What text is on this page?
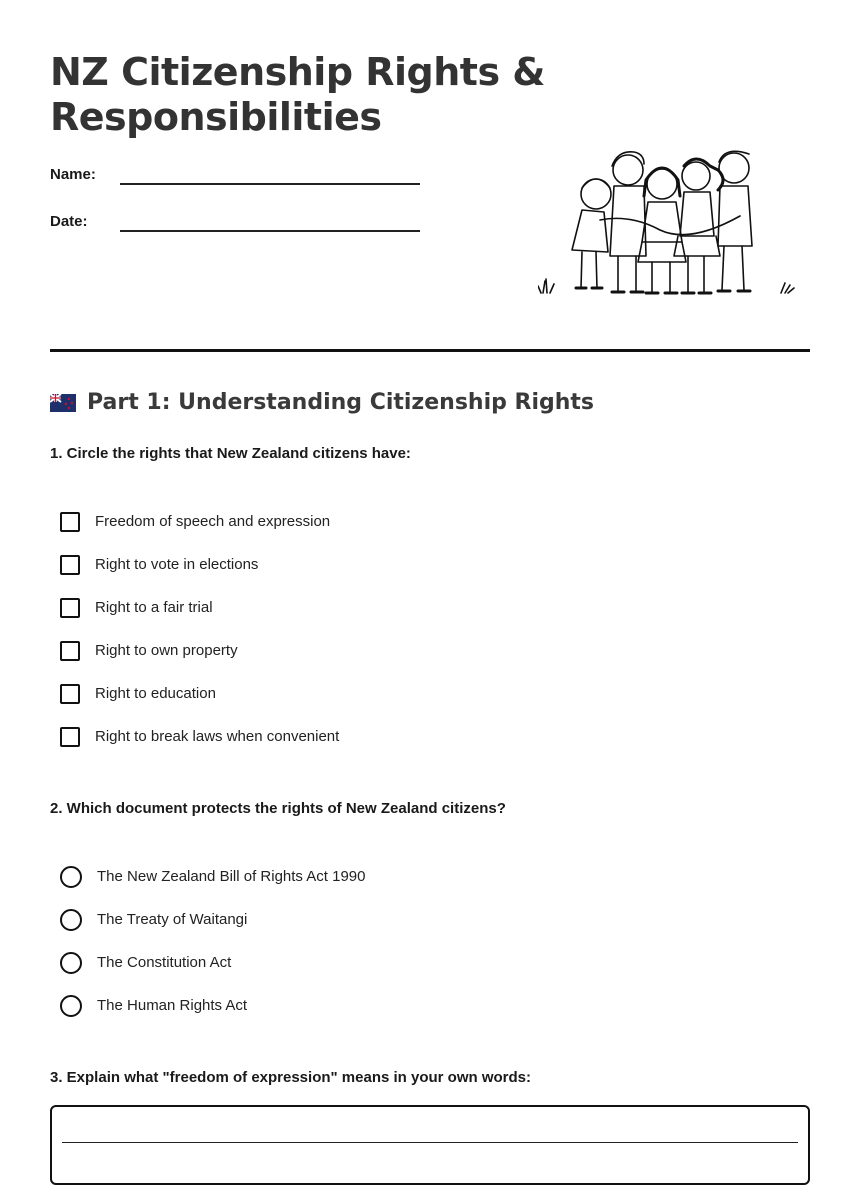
NZ Citizenship Rights & Responsibilities
Name:
Date:
Part 1: Understanding Citizenship Rights

1. Circle the rights that New Zealand citizens have:

Freedom of speech and expression
Right to vote in elections
Right to a fair trial
Right to own property
Right to education
Right to break laws when convenient

2. Which document protects the rights of New Zealand citizens?

The New Zealand Bill of Rights Act 1990
The Treaty of Waitangi
The Constitution Act
The Human Rights Act

3. Explain what "freedom of expression" means in your own words:
